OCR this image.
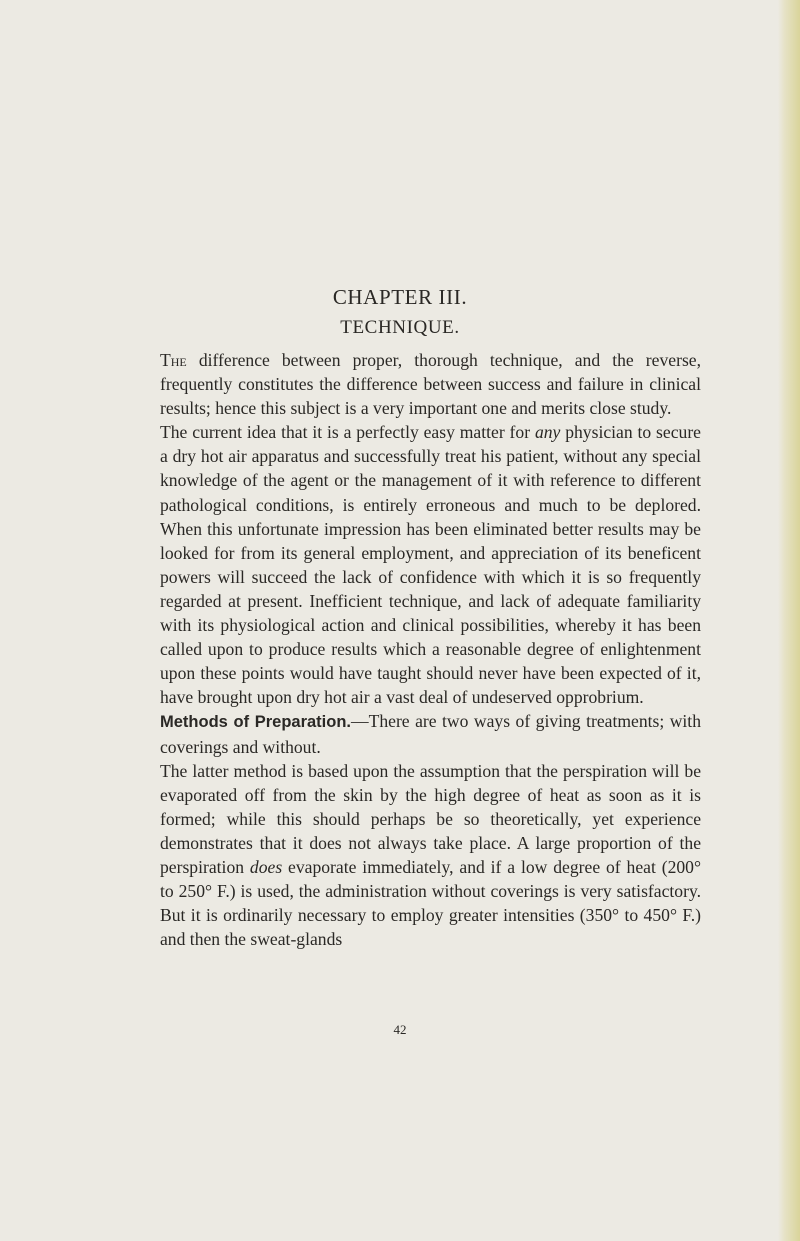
CHAPTER III.
TECHNIQUE.

The difference between proper, thorough technique, and the reverse, frequently constitutes the difference between success and failure in clinical results; hence this subject is a very important one and merits close study.

The current idea that it is a perfectly easy matter for any physician to secure a dry hot air apparatus and successfully treat his patient, without any special knowledge of the agent or the management of it with reference to different pathological conditions, is entirely erroneous and much to be deplored. When this unfortunate impression has been eliminated better results may be looked for from its general employment, and appreciation of its beneficent powers will succeed the lack of confidence with which it is so frequently regarded at present. Inefficient technique, and lack of adequate familiarity with its physiological action and clinical possibilities, whereby it has been called upon to produce results which a reasonable degree of enlightenment upon these points would have taught should never have been expected of it, have brought upon dry hot air a vast deal of undeserved opprobrium.

Methods of Preparation.—There are two ways of giving treatments; with coverings and without.

The latter method is based upon the assumption that the perspiration will be evaporated off from the skin by the high degree of heat as soon as it is formed; while this should perhaps be so theoretically, yet experience demonstrates that it does not always take place. A large proportion of the perspiration does evaporate immediately, and if a low degree of heat (200° to 250° F.) is used, the administration without coverings is very satisfactory. But it is ordinarily necessary to employ greater intensities (350° to 450° F.) and then the sweat-glands

42
